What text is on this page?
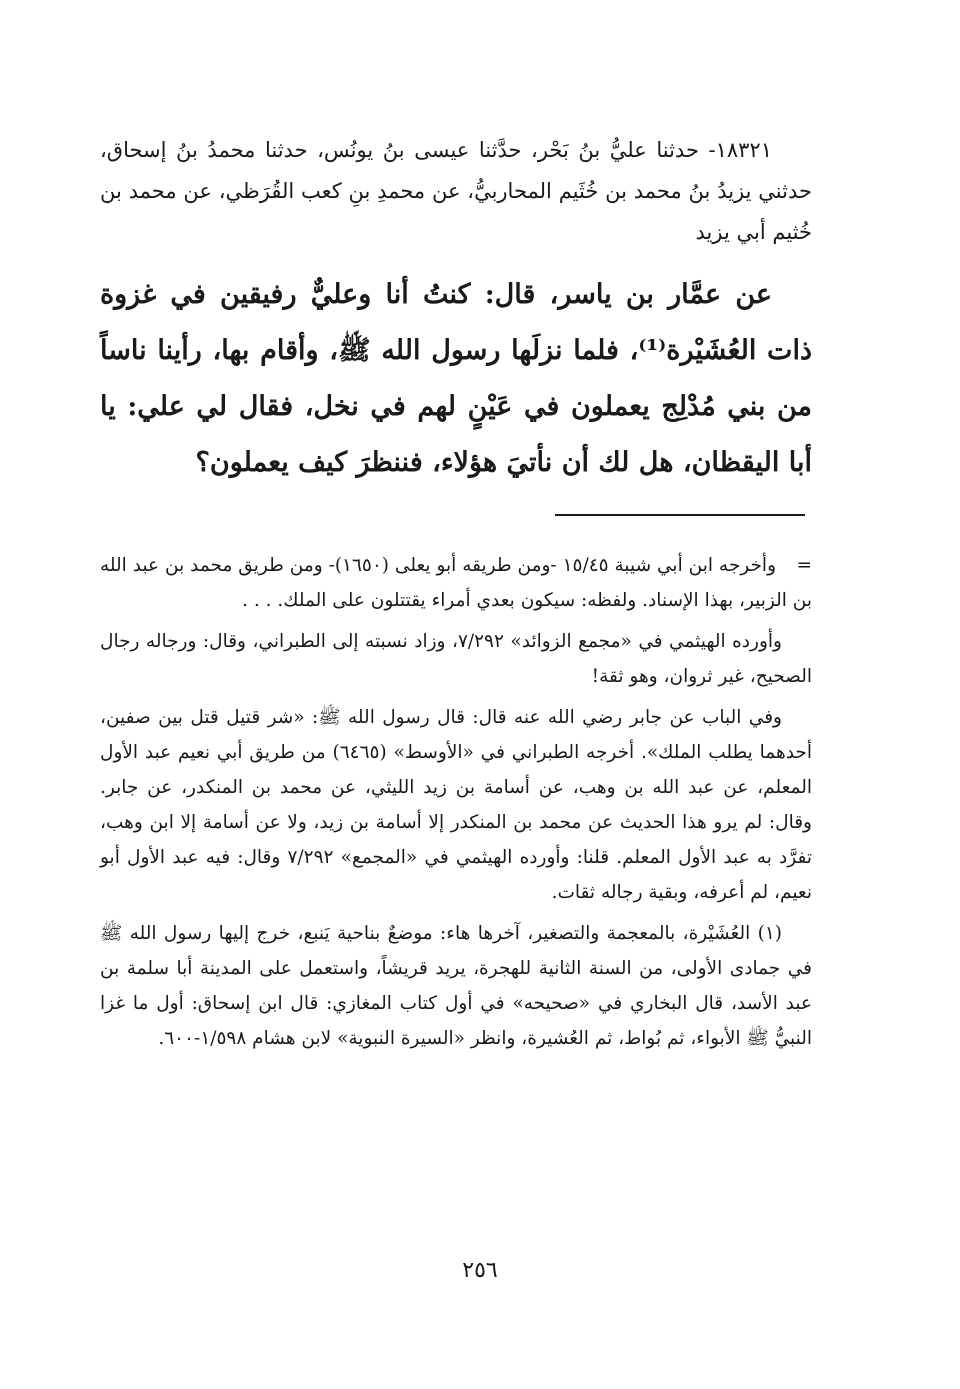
١٨٣٢١- حدثنا عليُّ بنُ بَحْر، حدَّثنا عيسى بنُ يونُس، حدثنا محمدُ بنُ إسحاق، حدثني يزيدُ بنُ محمد بن خُثَيم المحاربيُّ، عن محمدِ بنِ كعب القُرَظي، عن محمد بن خُثيم أبي يزيد

عن عمَّار بن ياسر، قال: كنتُ أنا وعليٌّ رفيقين في غزوة ذات العُشَيْرة⁽¹⁾، فلما نزلَها رسول الله ﷺ، وأقام بها، رأينا ناساً من بني مُدْلِج يعملون في عَيْنٍ لهم في نخل، فقال لي علي: يا أبا اليقظان، هل لك أن نأتيَ هؤلاء، فننظرَ كيف يعملون؟

=وأخرجه ابن أبي شيبة ١٥/٤٥ -ومن طريقه أبو يعلى (١٦٥٠)- ومن طريق محمد بن عبد الله بن الزبير، بهذا الإسناد. ولفظه: سيكون بعدي أمراء يقتتلون على الملك. . . .

وأورده الهيثمي في «مجمع الزوائد» ٧/٢٩٢، وزاد نسبته إلى الطبراني، وقال: ورجاله رجال الصحيح، غير ثروان، وهو ثقة!

وفي الباب عن جابر رضي الله عنه قال: قال رسول الله ﷺ: «شر قتيل قتل بين صفين، أحدهما يطلب الملك». أخرجه الطبراني في «الأوسط» (٦٤٦٥) من طريق أبي نعيم عبد الأول المعلم، عن عبد الله بن وهب، عن أسامة بن زيد الليثي، عن محمد بن المنكدر، عن جابر. وقال: لم يرو هذا الحديث عن محمد بن المنكدر إلا أسامة بن زيد، ولا عن أسامة إلا ابن وهب، تفرَّد به عبد الأول المعلم. قلنا: وأورده الهيثمي في «المجمع» ٧/٢٩٢ وقال: فيه عبد الأول أبو نعيم، لم أعرفه، وبقية رجاله ثقات.

(١) العُشَيْرة، بالمعجمة والتصغير، آخرها هاء: موضعٌ بناحية يَنبع، خرج إليها رسول الله ﷺ في جمادى الأولى، من السنة الثانية للهجرة، يريد قريشاً، واستعمل على المدينة أبا سلمة بن عبد الأسد، قال البخاري في «صحيحه» في أول كتاب المغازي: قال ابن إسحاق: أول ما غزا النبيُّ ﷺ الأبواء، ثم بُواط، ثم العُشيرة، وانظر «السيرة النبوية» لابن هشام ١/٥٩٨-٦٠٠.

٢٥٦
